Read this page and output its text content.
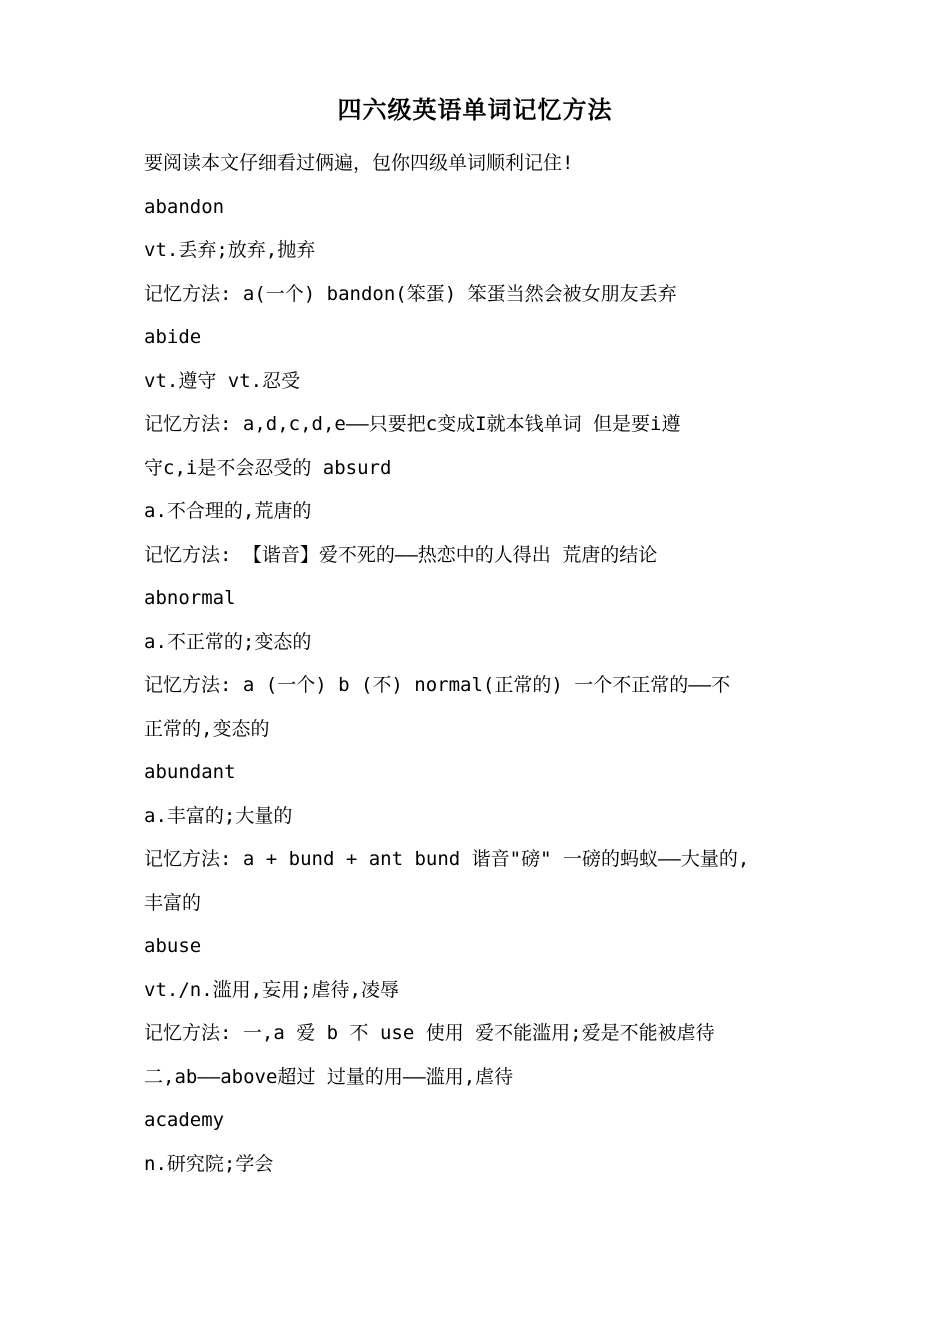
四六级英语单词记忆方法
要阅读本文仔细看过俩遍，包你四级单词顺利记住!
abandon
vt.丢弃;放弃,抛弃
记忆方法: a(一个) bandon(笨蛋) 笨蛋当然会被女朋友丢弃
abide
vt.遵守 vt.忍受
记忆方法: a,d,c,d,e——只要把c变成I就本钱单词 但是要i遵
守c,i是不会忍受的 absurd
a.不合理的,荒唐的
记忆方法: 【谐音】爱不死的——热恋中的人得出 荒唐的结论
abnormal
a.不正常的;变态的
记忆方法: a (一个) b (不) normal(正常的) 一个不正常的——不
正常的,变态的
abundant
a.丰富的;大量的
记忆方法: a + bund + ant bund 谐音"磅" 一磅的蚂蚁——大量的,
丰富的
abuse
vt./n.滥用,妄用;虐待,凌辱
记忆方法: 一,a 爱 b 不 use 使用 爱不能滥用;爱是不能被虐待
二,ab——above超过 过量的用——滥用,虐待
academy
n.研究院;学会
